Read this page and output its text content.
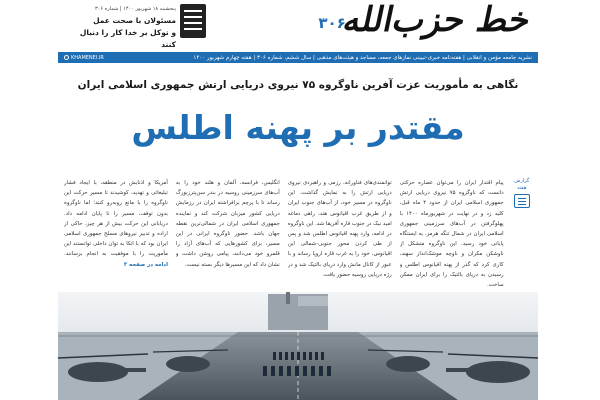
پنجشنبه ۱۸ شهریور ۱۴۰۰ | شماره ۳۰۶
مسئولان با صحت عمل
و توکل بر خدا کار را دنبال کنند
خط حزب‌الله
۳۰۶
نشریه جامعه مؤمن و انقلابی | هفته‌نامه خبری-تبیینی نمازهای جمعه، مساجد و هیئت‌های مذهبی | سال ششم، شماره ۳۰۶ | هفته چهارم شهریور ۱۴۰۰
KHAMENEI.IR
نگاهی به مأموریت عزت آفرین ناوگروه ۷۵ نیروی دریایی ارتش جمهوری اسلامی ایران
مقتدر بر پهنه اطلس
گزارش
هفته
پیام اقتدار ایران را می‌توان عصاره حرکتی دانست که ناوگروه ۷۵ نیروی دریایی ارتش جمهوری اسلامی ایران از حدود ۴ ماه قبل، کلید زد و در نهایت در شهریورماه ۱۴۰۰ با پهلوگرفتن در آب‌های سرزمینی جمهوری اسلامی ایران در شمال تنگه هرمز، به ایستگاه پایانی خود رسید. این ناوگروه متشکل از ناوشکن مکران و ناوچه موشک‌انداز سهند، کاری کرد که گذر از پهنه اقیانوس اطلس و رسیدن به دریای بالتیک را برای ایران ممکن ساخت.
توانمندی‌های فناورانه، رزمی و راهبردی نیروی دریایی ارتش را به نمایش گذاشت. این ناوگروه در مسیر خود، از آب‌های جنوب ایران و از طریق غرب اقیانوس هند، راهی دماغه امید نیک در جنوب قاره آفریقا شد. این ناوگروه در ادامه، وارد پهنه اقیانوس اطلس شد و پس از طی کردن محور جنوبی-شمالی این اقیانوس، خود را به غرب قاره اروپا رساند و با عبور از کانال مانش وارد دریای بالتیک شد و در رژه دریایی روسیه حضور یافت.
انگلیس، فرانسه، آلمان و هلند خود را به آب‌های سرزمینی روسیه در بندر سن‌پترزبورگ رساند تا با پرچم برافراشته ایران در رزمایش دریایی کشور میزبان شرکت کند و نماینده جمهوری اسلامی ایران در شمالی‌ترین نقطه جهان باشد. حضور ناوگروه ایرانی در این مسیر، برای کشورهایی که آب‌های آزاد را قلمرو خود می‌دانند، پیامی روشن داشت و نشان داد که این مسیرها دیگر بسته نیست.
آمریکا و اذنابش در منطقه، با ایجاد فشار تبلیغاتی و تهدید، کوشیدند تا مسیر حرکت این ناوگروه را با مانع روبه‌رو کنند؛ اما ناوگروه بدون توقف، مسیر را تا پایان ادامه داد. دریابانی این حرکت بیش از هر چیز، حاکی از اراده و تدبیر نیروهای مسلح جمهوری اسلامی ایران بود که با اتکا به توان داخلی توانستند این مأموریت را با موفقیت به انجام برسانند. ادامه در صفحه ۳
